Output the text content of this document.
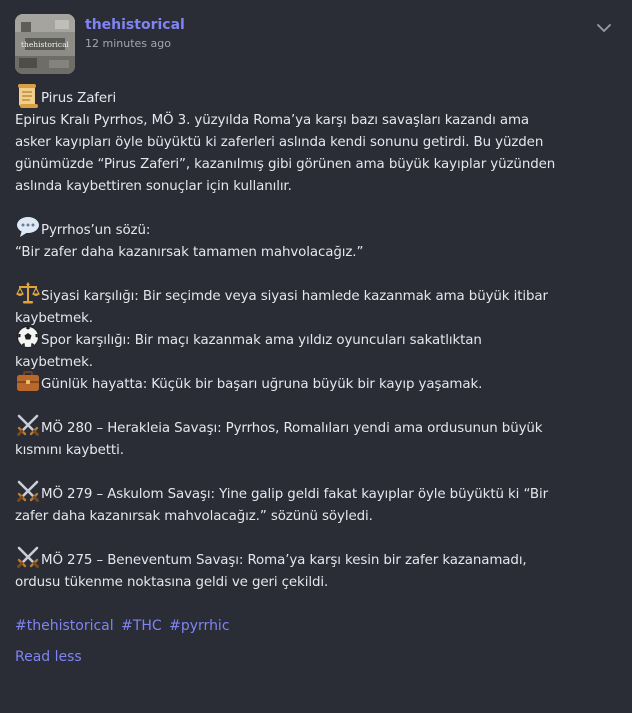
thehistorical
thehistorical
12 minutes ago
Pirus Zaferi
Epirus Kralı Pyrrhos, MÖ 3. yüzyılda Roma’ya karşı bazı savaşları kazandı ama
asker kayıpları öyle büyüktü ki zaferleri aslında kendi sonunu getirdi. Bu yüzden
günümüzde “Pirus Zaferi”, kazanılmış gibi görünen ama büyük kayıplar yüzünden
aslında kaybettiren sonuçlar için kullanılır.
Pyrrhos’un sözü:
“Bir zafer daha kazanırsak tamamen mahvolacağız.”
Siyasi karşılığı: Bir seçimde veya siyasi hamlede kazanmak ama büyük itibar
kaybetmek.
Spor karşılığı: Bir maçı kazanmak ama yıldız oyuncuları sakatlıktan
kaybetmek.
Günlük hayatta: Küçük bir başarı uğruna büyük bir kayıp yaşamak.
MÖ 280 – Herakleia Savaşı: Pyrrhos, Romalıları yendi ama ordusunun büyük
kısmını kaybetti.
MÖ 279 – Askulom Savaşı: Yine galip geldi fakat kayıplar öyle büyüktü ki “Bir
zafer daha kazanırsak mahvolacağız.” sözünü söyledi.
MÖ 275 – Beneventum Savaşı: Roma’ya karşı kesin bir zafer kazanamadı,
ordusu tükenme noktasına geldi ve geri çekildi.
#thehistorical #THC #pyrrhic
Read less
